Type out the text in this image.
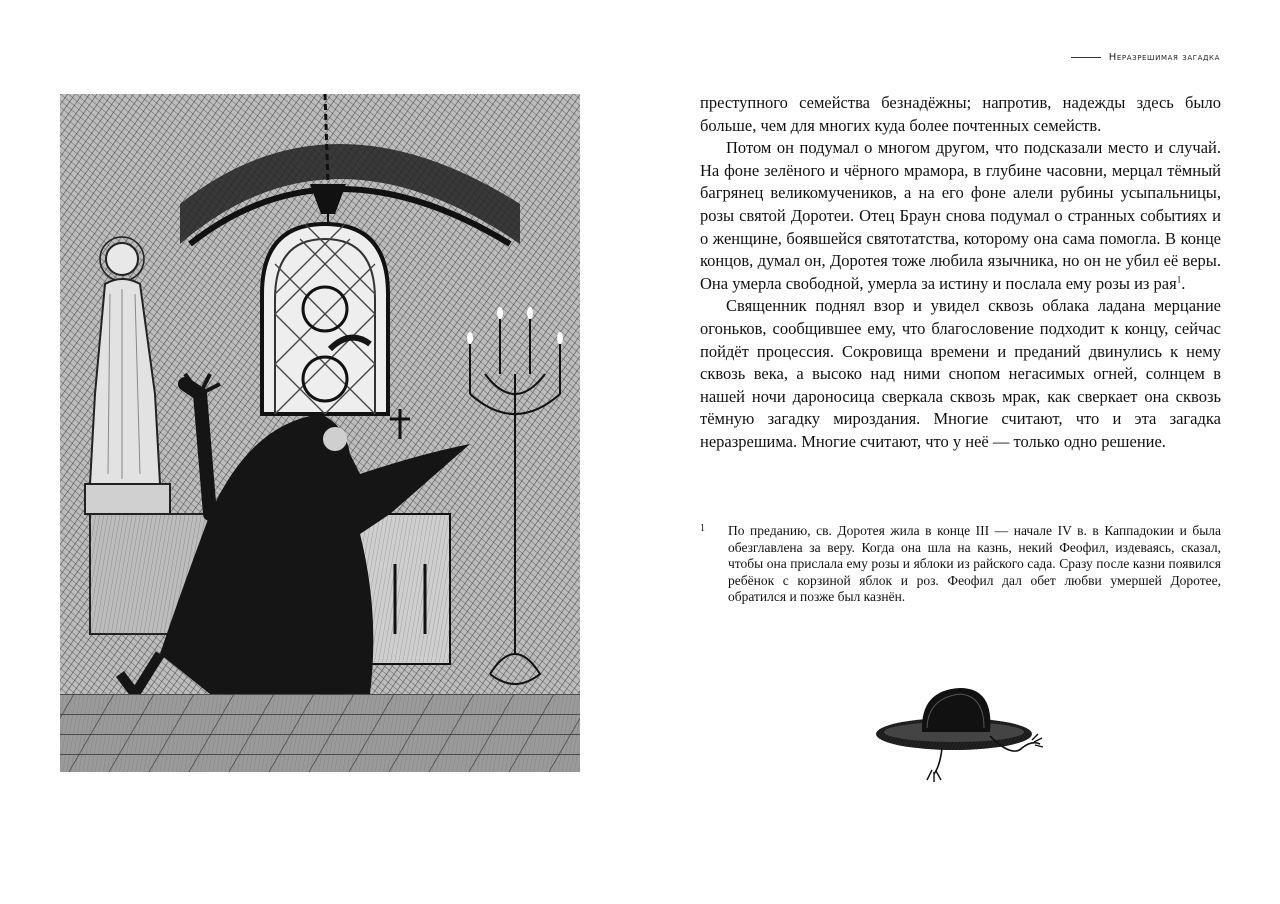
Неразрешимая загадка

преступного семейства безнадёжны; напротив, надежды здесь было больше, чем для многих куда более почтенных семейств.

Потом он подумал о многом другом, что подсказали место и случай. На фоне зелёного и чёрного мрамора, в глубине часовни, мерцал тёмный багрянец великомучеников, а на его фоне алели рубины усыпальницы, розы святой Доротеи. Отец Браун снова подумал о странных событиях и о женщине, боявшейся святотатства, которому она сама помогла. В конце концов, думал он, Доротея тоже любила язычника, но он не убил её веры. Она умерла свободной, умерла за истину и послала ему розы из рая$^1$.

Священник поднял взор и увидел сквозь облака ладана мерцание огоньков, сообщившее ему, что благословение подходит к концу, сейчас пойдёт процессия. Сокровища времени и преданий двинулись к нему сквозь века, а высоко над ними снопом негасимых огней, солнцем в нашей ночи дароносица сверкала сквозь мрак, как сверкает она сквозь тёмную загадку мироздания. Многие считают, что и эта загадка неразрешима. Многие считают, что у неё — только одно решение.

1 По преданию, св. Доротея жила в конце III — начале IV в. в Каппадокии и была обезглавлена за веру. Когда она шла на казнь, некий Феофил, издеваясь, сказал, чтобы она прислала ему розы и яблоки из райского сада. Сразу после казни появился ребёнок с корзиной яблок и роз. Феофил дал обет любви умершей Доротее, обратился и позже был казнён.
